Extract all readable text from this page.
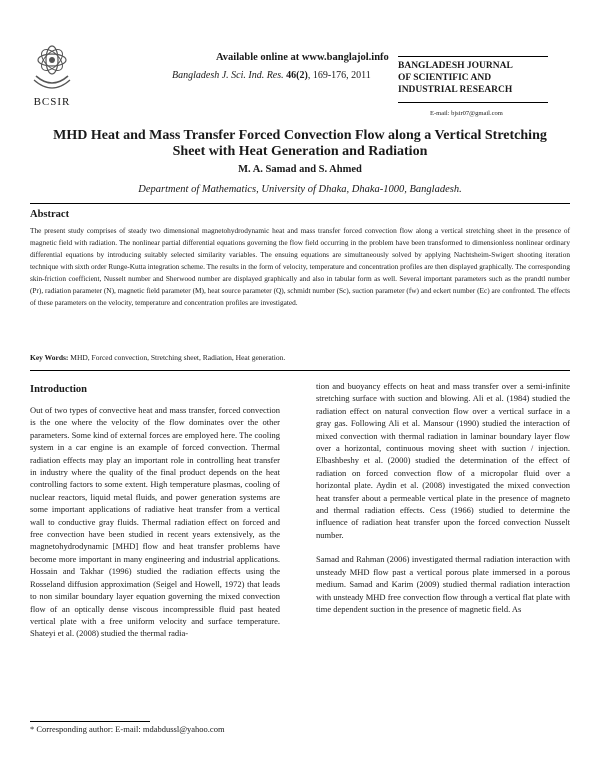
BCSIR
Available online at www.banglajol.info
Bangladesh J. Sci. Ind. Res. 46(2), 169-176, 2011
BANGLADESH JOURNAL
OF SCIENTIFIC AND
INDUSTRIAL RESEARCH
E-mail: bjsir07@gmail.com
MHD Heat and Mass Transfer Forced Convection Flow along a Vertical Stretching
Sheet with Heat Generation and Radiation
M. A. Samad and S. Ahmed
Department of Mathematics, University of Dhaka, Dhaka-1000, Bangladesh.
Abstract
The present study comprises of steady two dimensional magnetohydrodynamic heat and mass transfer forced convection flow along a vertical stretching sheet in the presence of magnetic field with radiation. The nonlinear partial differential equations governing the flow field occurring in the problem have been transformed to dimensionless nonlinear ordinary differential equations by introducing suitably selected similarity variables. The ensuing equations are simultaneously solved by applying Nachtsheim-Swigert shooting iteration technique with sixth order Runge-Kutta integration scheme. The results in the form of velocity, temperature and concentration profiles are then displayed graphically. The corresponding skin-friction coefficient, Nusselt number and Sherwood number are displayed graphically and also in tabular form as well. Several important parameters such as the prandtl number (Pr), radiation parameter (N), magnetic field parameter (M), heat source parameter (Q), schmidt number (Sc), suction parameter (fw) and eckert number (Ec) are confronted. The effects of these parameters on the velocity, temperature and concentration profiles are investigated.
Key Words: MHD, Forced convection, Stretching sheet, Radiation, Heat generation.
Introduction

Out of two types of convective heat and mass transfer, forced convection is the one where the velocity of the flow dominates over the other parameters. Some kind of external forces are employed here. The cooling system in a car engine is an example of forced convection. Thermal radiation effects may play an important role in controlling heat transfer in industry where the quality of the final product depends on the heat controlling factors to some extent. High temperature plasmas, cooling of nuclear reactors, liquid metal fluids, and power generation systems are some important applications of radiative heat transfer from a vertical wall to conductive gray fluids. Thermal radiation effect on forced and free convection have been studied in recent years extensively, as the magnetohydrodynamic [MHD] flow and heat transfer problems have become more important in many engineering and industrial applications. Hossain and Takhar (1996) studied the radiation effects using the Rosseland diffusion approximation (Seigel and Howell, 1972) that leads to non similar boundary layer equation governing the mixed convection flow of an optically dense viscous incompressible fluid past heated vertical plate with a free uniform velocity and surface temperature. Shateyi et al. (2008) studied the thermal radia-

tion and buoyancy effects on heat and mass transfer over a semi-infinite stretching surface with suction and blowing. Ali et al. (1984) studied the radiation effect on natural convection flow over a vertical surface in a gray gas. Following Ali et al. Mansour (1990) studied the interaction of mixed convection with thermal radiation in laminar boundary layer flow over a horizontal, continuous moving sheet with suction / injection. Elbashbeshy et al. (2000) studied the determination of the effect of radiation on forced convection flow of a micropolar fluid over a horizontal plate. Aydin et al. (2008) investigated the mixed convection heat transfer about a permeable vertical plate in the presence of magneto and thermal radiation effects. Cess (1966) studied to determine the influence of radiation heat transfer upon the forced convection Nusselt number.

Samad and Rahman (2006) investigated thermal radiation interaction with unsteady MHD flow past a vertical porous plate immersed in a porous medium. Samad and Karim (2009) studied thermal radiation interaction with unsteady MHD free convection flow through a vertical flat plate with time dependent suction in the presence of magnetic field. As

* Corresponding author: E-mail: mdabdussl@yahoo.com
